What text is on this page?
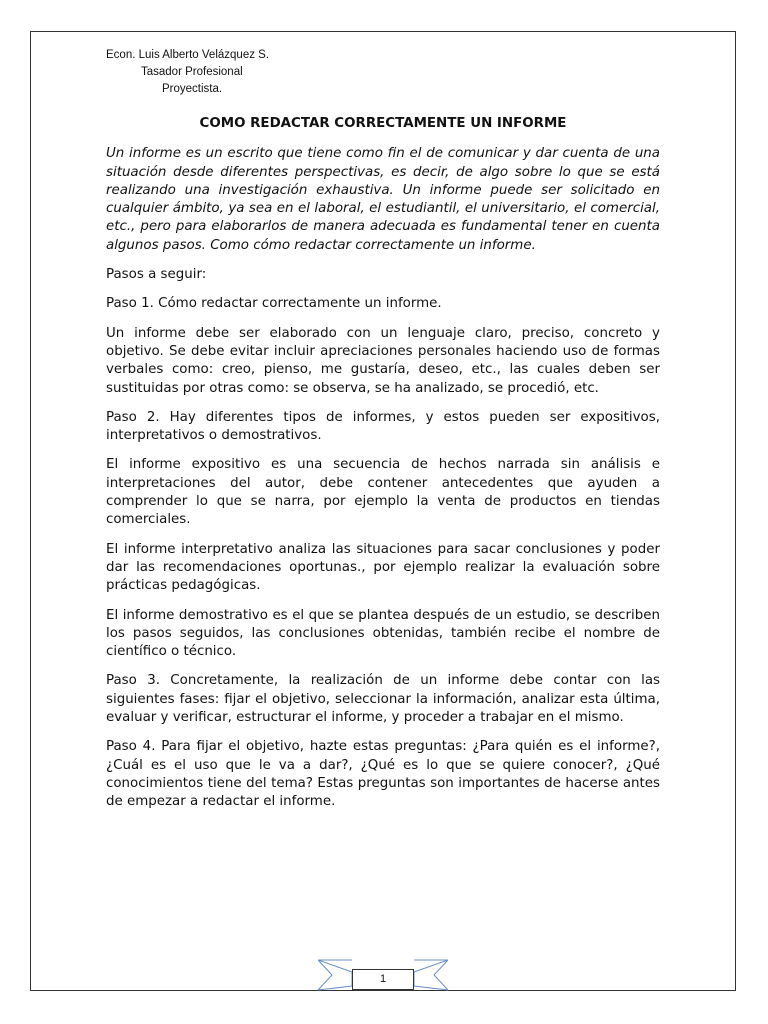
Econ. Luis Alberto Velázquez S.
Tasador Profesional
Proyectista.
COMO REDACTAR CORRECTAMENTE UN INFORME

Un informe es un escrito que tiene como fin el de comunicar y dar cuenta de una situación desde diferentes perspectivas, es decir, de algo sobre lo que se está realizando una investigación exhaustiva. Un informe puede ser solicitado en cualquier ámbito, ya sea en el laboral, el estudiantil, el universitario, el comercial, etc., pero para elaborarlos de manera adecuada es fundamental tener en cuenta algunos pasos. Como cómo redactar correctamente un informe.

Pasos a seguir:

Paso 1. Cómo redactar correctamente un informe.

Un informe debe ser elaborado con un lenguaje claro, preciso, concreto y objetivo. Se debe evitar incluir apreciaciones personales haciendo uso de formas verbales como: creo, pienso, me gustaría, deseo, etc., las cuales deben ser sustituidas por otras como: se observa, se ha analizado, se procedió, etc.

Paso 2. Hay diferentes tipos de informes, y estos pueden ser expositivos, interpretativos o demostrativos.

El informe expositivo es una secuencia de hechos narrada sin análisis e interpretaciones del autor, debe contener antecedentes que ayuden a comprender lo que se narra, por ejemplo la venta de productos en tiendas comerciales.

El informe interpretativo analiza las situaciones para sacar conclusiones y poder dar las recomendaciones oportunas., por ejemplo realizar la evaluación sobre prácticas pedagógicas.

El informe demostrativo es el que se plantea después de un estudio, se describen los pasos seguidos, las conclusiones obtenidas, también recibe el nombre de científico o técnico.

Paso 3. Concretamente, la realización de un informe debe contar con las siguientes fases: fijar el objetivo, seleccionar la información, analizar esta última, evaluar y verificar, estructurar el informe, y proceder a trabajar en el mismo.

Paso 4. Para fijar el objetivo, hazte estas preguntas: ¿Para quién es el informe?, ¿Cuál es el uso que le va a dar?, ¿Qué es lo que se quiere conocer?, ¿Qué conocimientos tiene del tema? Estas preguntas son importantes de hacerse antes de empezar a redactar el informe.

1
